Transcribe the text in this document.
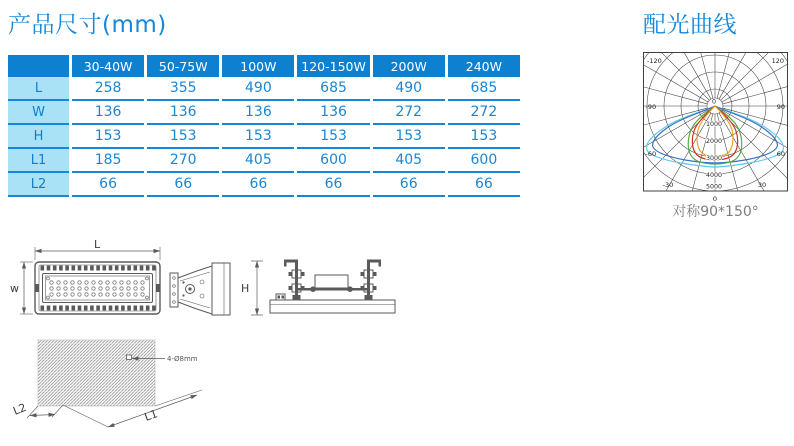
产品尺寸(mm)	配光曲线
	30-40W	50-75W	100W	120-150W	200W	240W
L	258	355	490	685	490	685
W	136	136	136	136	272	272
H	153	153	153	153	153	153
L1	185	270	405	600	405	600
L2	66	66	66	66	66	66
-120	120
-90	90
-60	60
-30	30
0
0
1000
2000
3000
4000
5000
对称90*150°
L
w	H
4-Ø8mm
L1
L2
